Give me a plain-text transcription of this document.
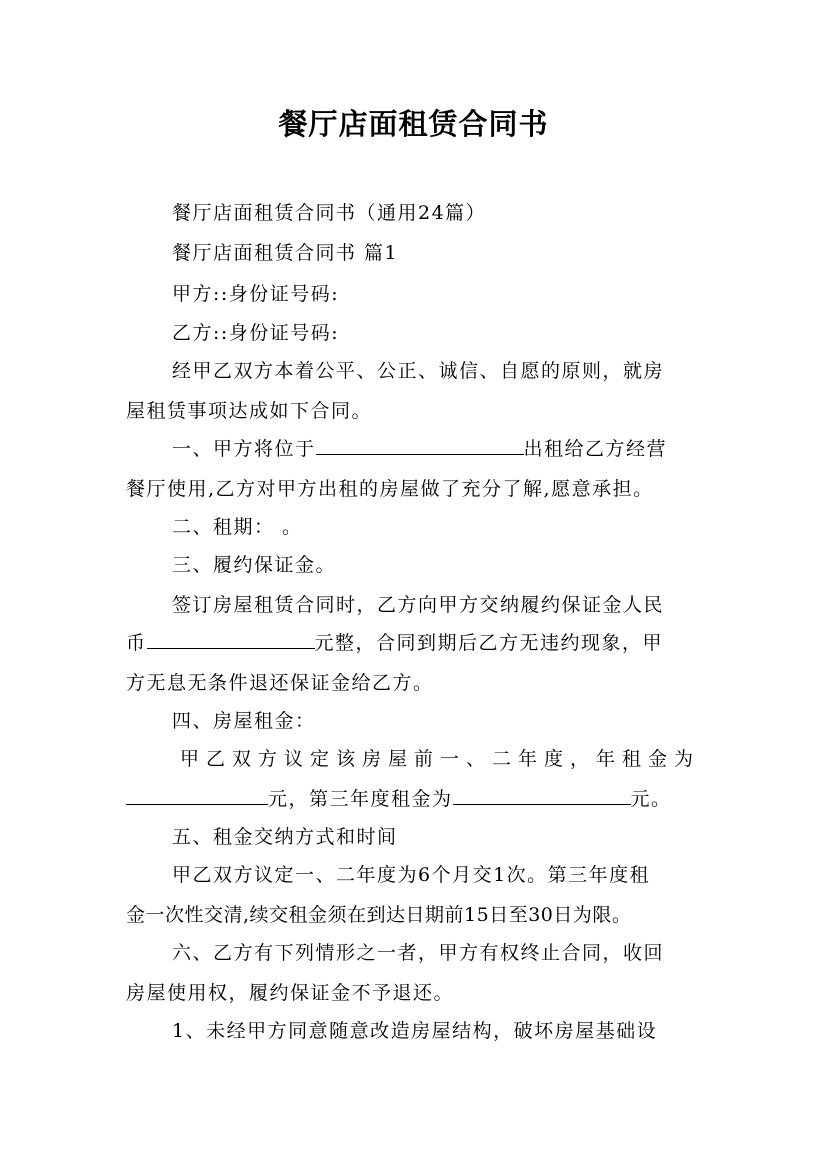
餐厅店面租赁合同书
餐厅店面租赁合同书（通用24篇）
餐厅店面租赁合同书 篇1
甲方::身份证号码:
乙方::身份证号码:
经甲乙双方本着公平、公正、诚信、自愿的原则，就房
屋租赁事项达成如下合同。
一、甲方将位于	出租给乙方经营
餐厅使用,乙方对甲方出租的房屋做了充分了解,愿意承担。
二、租期： 。
三、履约保证金。
签订房屋租赁合同时，乙方向甲方交纳履约保证金人民
币	元整，合同到期后乙方无违约现象，甲
方无息无条件退还保证金给乙方。
四、房屋租金：
甲乙双方议定该房屋前一、二年度，年租金为
元，第三年度租金为	元。
五、租金交纳方式和时间
甲乙双方议定一、二年度为6个月交1次。第三年度租
金一次性交清,续交租金须在到达日期前15日至30日为限。
六、乙方有下列情形之一者，甲方有权终止合同，收回
房屋使用权，履约保证金不予退还。
1、未经甲方同意随意改造房屋结构，破坏房屋基础设
